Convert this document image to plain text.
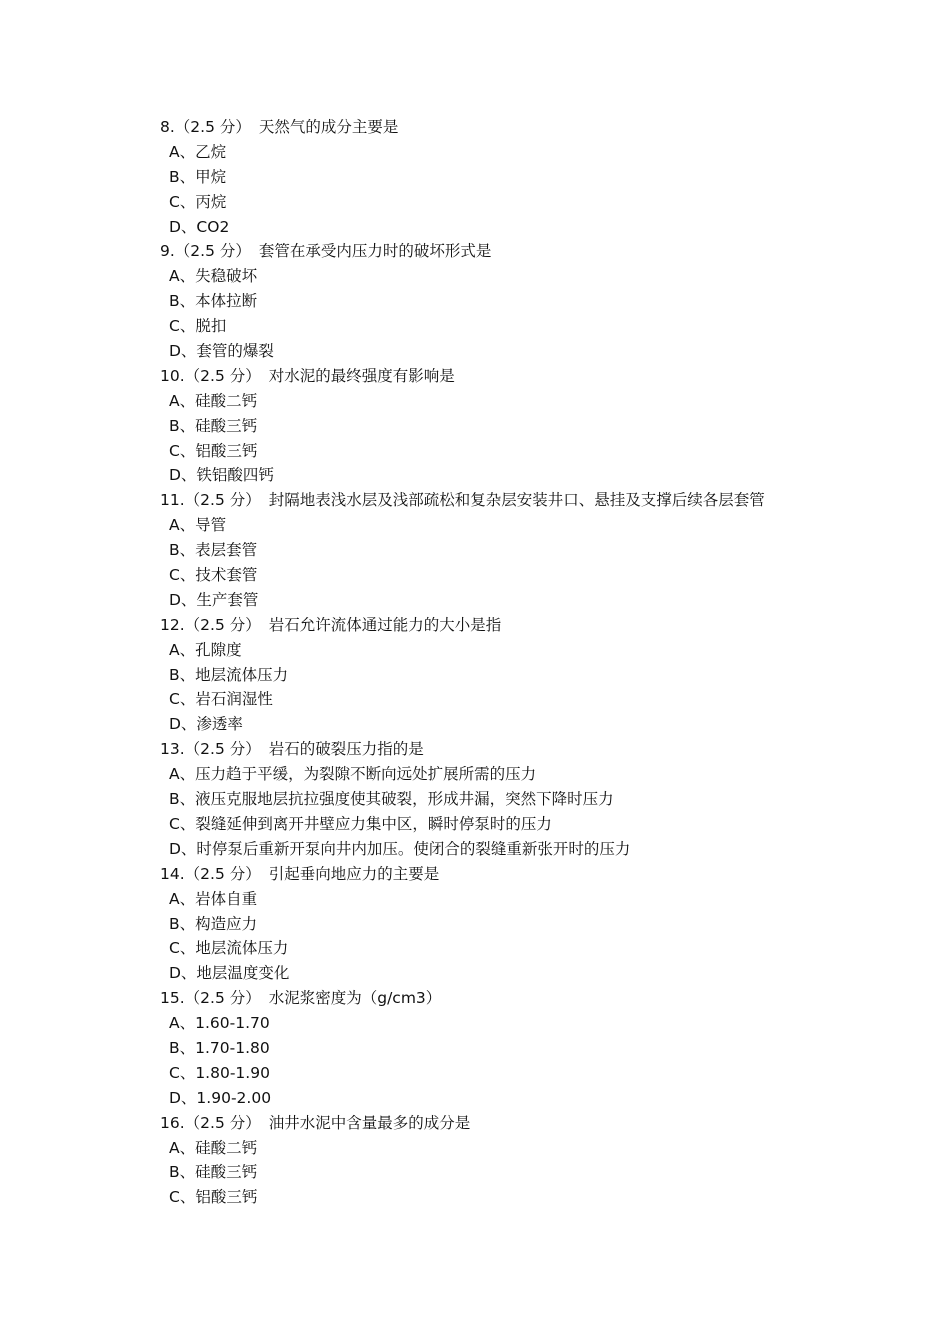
8.（2.5 分） 天然气的成分主要是
A、乙烷
B、甲烷
C、丙烷
D、CO2
9.（2.5 分） 套管在承受内压力时的破坏形式是
A、失稳破坏
B、本体拉断
C、脱扣
D、套管的爆裂
10.（2.5 分） 对水泥的最终强度有影响是
A、硅酸二钙
B、硅酸三钙
C、铝酸三钙
D、铁铝酸四钙
11.（2.5 分） 封隔地表浅水层及浅部疏松和复杂层安装井口、悬挂及支撑后续各层套管
A、导管
B、表层套管
C、技术套管
D、生产套管
12.（2.5 分） 岩石允许流体通过能力的大小是指
A、孔隙度
B、地层流体压力
C、岩石润湿性
D、渗透率
13.（2.5 分） 岩石的破裂压力指的是
A、压力趋于平缓，为裂隙不断向远处扩展所需的压力
B、液压克服地层抗拉强度使其破裂，形成井漏，突然下降时压力
C、裂缝延伸到离开井壁应力集中区，瞬时停泵时的压力
D、时停泵后重新开泵向井内加压。使闭合的裂缝重新张开时的压力
14.（2.5 分） 引起垂向地应力的主要是
A、岩体自重
B、构造应力
C、地层流体压力
D、地层温度变化
15.（2.5 分） 水泥浆密度为（g/cm3）
A、1.60-1.70
B、1.70-1.80
C、1.80-1.90
D、1.90-2.00
16.（2.5 分） 油井水泥中含量最多的成分是
A、硅酸二钙
B、硅酸三钙
C、铝酸三钙
